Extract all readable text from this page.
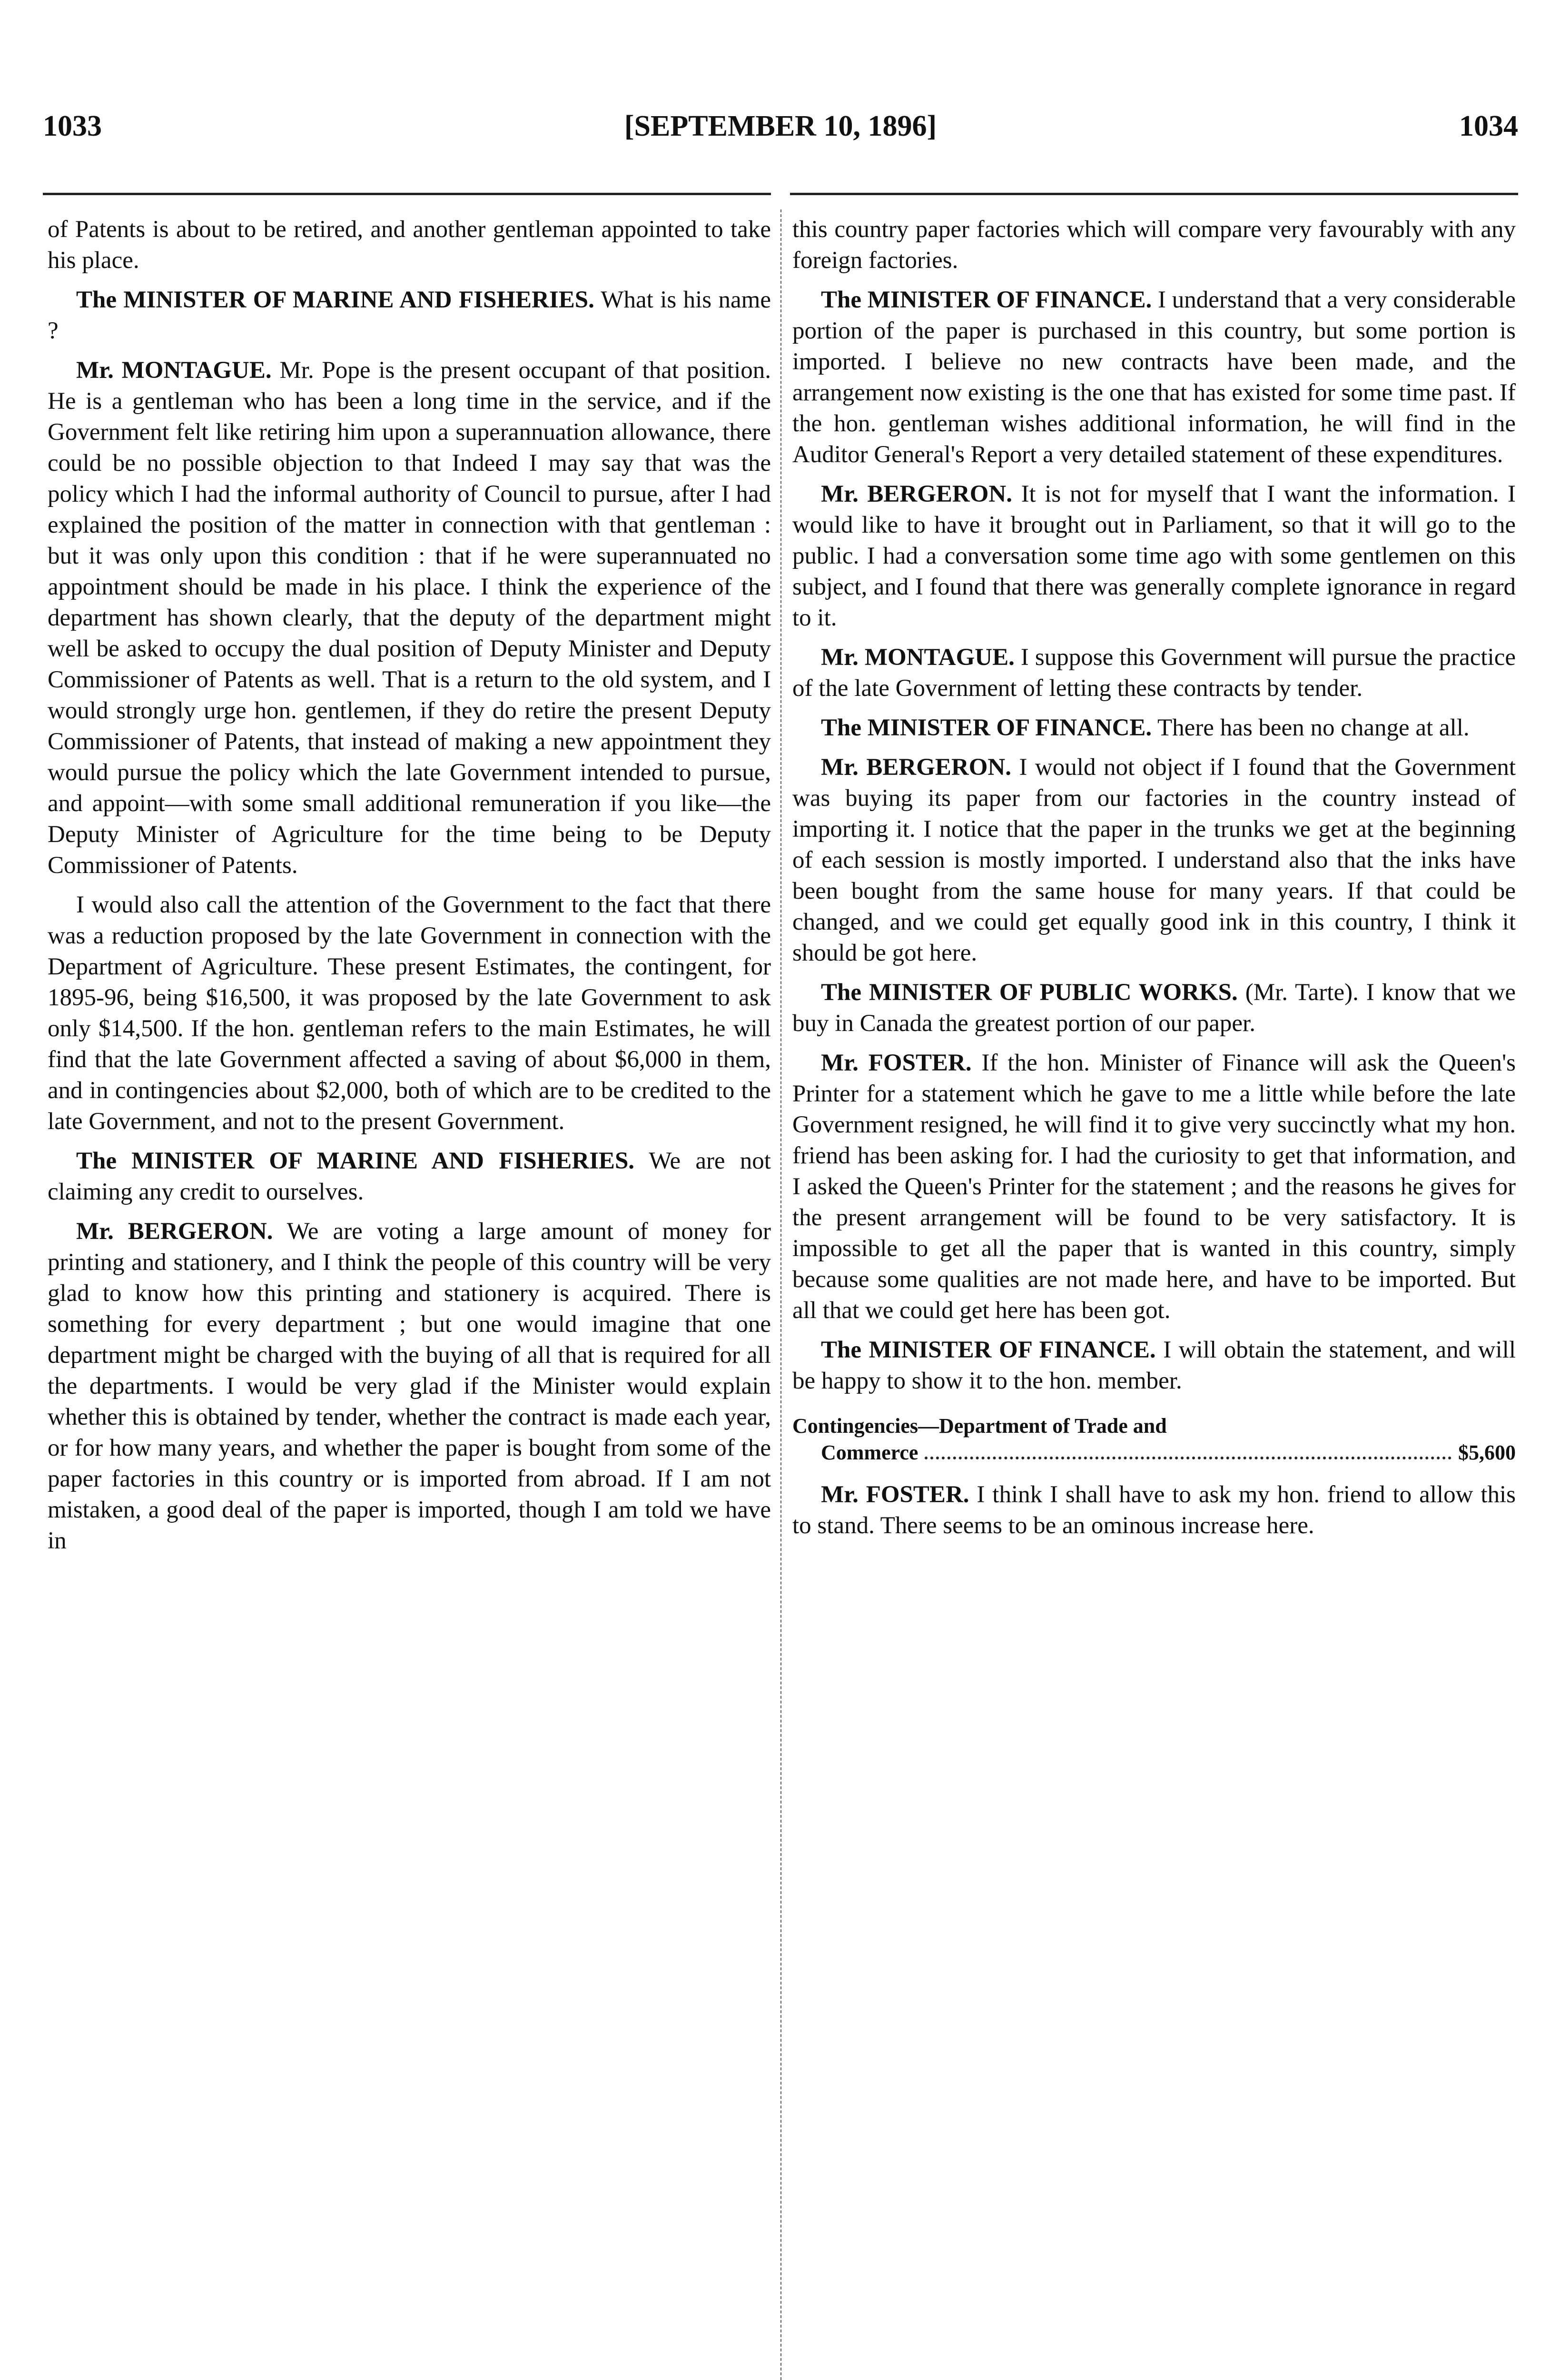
[SEPTEMBER 10, 1896]
1033	1034

of Patents is about to be retired, and another gentleman appointed to take his place.

The MINISTER OF MARINE AND FISHERIES. What is his name ?

Mr. MONTAGUE. Mr. Pope is the present occupant of that position. He is a gentleman who has been a long time in the service, and if the Government felt like retiring him upon a superannuation allowance, there could be no possible objection to that Indeed I may say that was the policy which I had the informal authority of Council to pursue, after I had explained the position of the matter in connection with that gentleman : but it was only upon this condition : that if he were superannuated no appointment should be made in his place. I think the experience of the department has shown clearly, that the deputy of the department might well be asked to occupy the dual position of Deputy Minister and Deputy Commissioner of Patents as well. That is a return to the old system, and I would strongly urge hon. gentlemen, if they do retire the present Deputy Commissioner of Patents, that instead of making a new appointment they would pursue the policy which the late Government intended to pursue, and appoint—with some small additional remuneration if you like—the Deputy Minister of Agriculture for the time being to be Deputy Commissioner of Patents.

I would also call the attention of the Government to the fact that there was a reduction proposed by the late Government in connection with the Department of Agriculture. These present Estimates, the contingent, for 1895-96, being $16,500, it was proposed by the late Government to ask only $14,500. If the hon. gentleman refers to the main Estimates, he will find that the late Government affected a saving of about $6,000 in them, and in contingencies about $2,000, both of which are to be credited to the late Government, and not to the present Government.

The MINISTER OF MARINE AND FISHERIES. We are not claiming any credit to ourselves.

Mr. BERGERON. We are voting a large amount of money for printing and stationery, and I think the people of this country will be very glad to know how this printing and stationery is acquired. There is something for every department ; but one would imagine that one department might be charged with the buying of all that is required for all the departments. I would be very glad if the Minister would explain whether this is obtained by tender, whether the contract is made each year, or for how many years, and whether the paper is bought from some of the paper factories in this country or is imported from abroad. If I am not mistaken, a good deal of the paper is imported, though I am told we have in

this country paper factories which will compare very favourably with any foreign factories.

The MINISTER OF FINANCE. I understand that a very considerable portion of the paper is purchased in this country, but some portion is imported. I believe no new contracts have been made, and the arrangement now existing is the one that has existed for some time past. If the hon. gentleman wishes additional information, he will find in the Auditor General's Report a very detailed statement of these expenditures.

Mr. BERGERON. It is not for myself that I want the information. I would like to have it brought out in Parliament, so that it will go to the public. I had a conversation some time ago with some gentlemen on this subject, and I found that there was generally complete ignorance in regard to it.

Mr. MONTAGUE. I suppose this Government will pursue the practice of the late Government of letting these contracts by tender.

The MINISTER OF FINANCE. There has been no change at all.

Mr. BERGERON. I would not object if I found that the Government was buying its paper from our factories in the country instead of importing it. I notice that the paper in the trunks we get at the beginning of each session is mostly imported. I understand also that the inks have been bought from the same house for many years. If that could be changed, and we could get equally good ink in this country, I think it should be got here.

The MINISTER OF PUBLIC WORKS. (Mr. Tarte). I know that we buy in Canada the greatest portion of our paper.

Mr. FOSTER. If the hon. Minister of Finance will ask the Queen's Printer for a statement which he gave to me a little while before the late Government resigned, he will find it to give very succinctly what my hon. friend has been asking for. I had the curiosity to get that information, and I asked the Queen's Printer for the statement ; and the reasons he gives for the present arrangement will be found to be very satisfactory. It is impossible to get all the paper that is wanted in this country, simply because some qualities are not made here, and have to be imported. But all that we could get here has been got.

The MINISTER OF FINANCE. I will obtain the statement, and will be happy to show it to the hon. member.

Contingencies—Department of Trade and
Commerce	$5,600

Mr. FOSTER. I think I shall have to ask my hon. friend to allow this to stand. There seems to be an ominous increase here.
